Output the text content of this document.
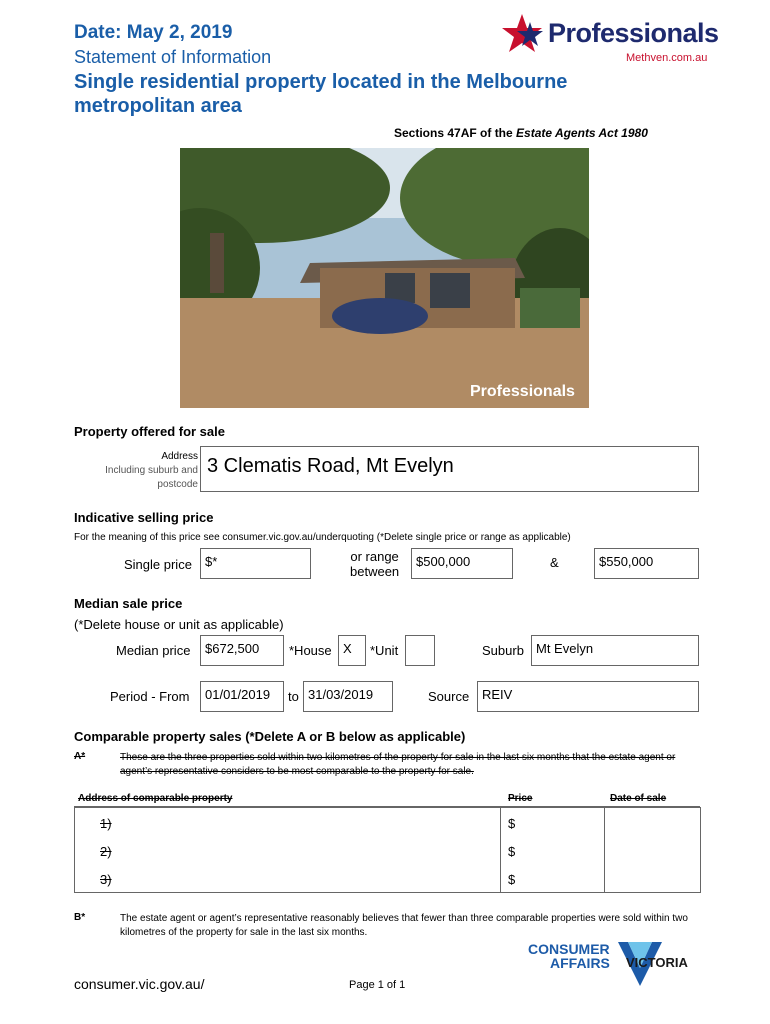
Date: May 2, 2019
Statement of Information
Single residential property located in the Melbourne metropolitan area
Professionals
Methven.com.au
Sections 47AF of the Estate Agents Act 1980
Professionals
Property offered for sale
Address
Including suburb and
postcode
3 Clematis Road, Mt Evelyn
Indicative selling price
For the meaning of this price see consumer.vic.gov.au/underquoting (*Delete single price or range as applicable)
Single price	$*	or range
between
$500,000	&	$550,000
Median sale price
(*Delete house or unit as applicable)
Median price	$672,500	*House X	*Unit	Suburb Mt Evelyn
Period - From	01/01/2019	to 31/03/2019	Source REIV
Comparable property sales (*Delete A or B below as applicable)
A*	These are the three properties sold within two kilometres of the property for sale in the last six months that the estate agent or agent’s representative considers to be most comparable to the property for sale.
Address of comparable property	Price	Date of sale
1)	$
2)	$
3)	$
B*	The estate agent or agent’s representative reasonably believes that fewer than three comparable properties were sold within two kilometres of the property for sale in the last six months.
consumer.vic.gov.au/	Page 1 of 1
CONSUMER
AFFAIRS VICTORIA
